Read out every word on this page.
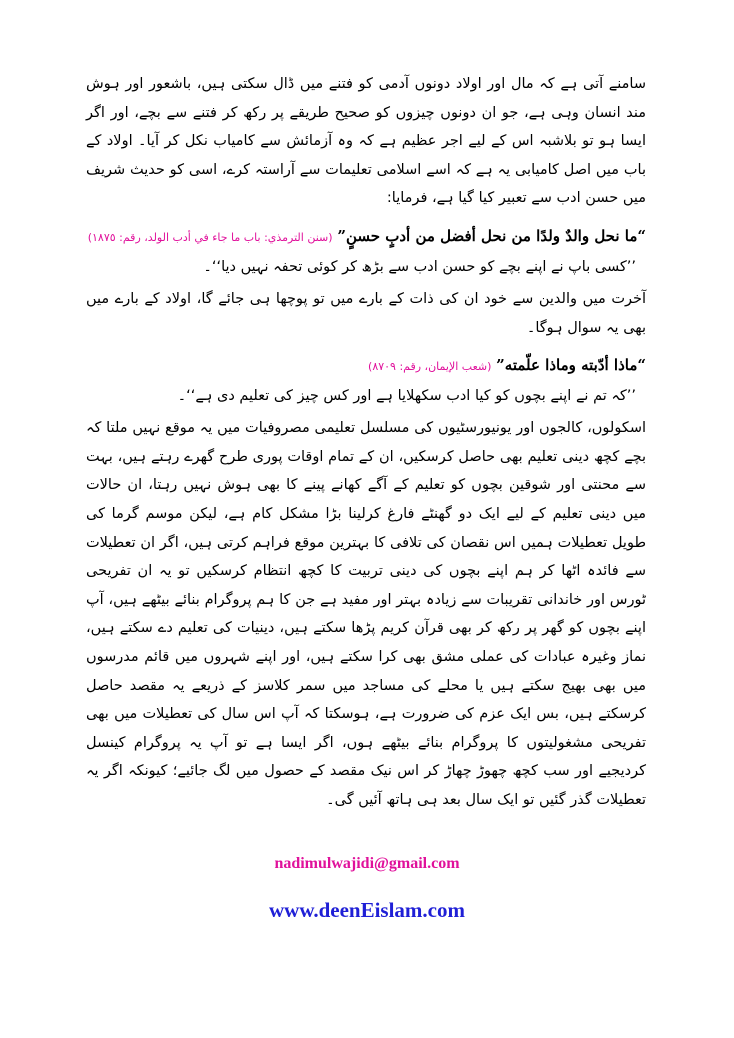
سامنے آتی ہے کہ مال اور اولاد دونوں آدمی کو فتنے میں ڈال سکتی ہیں، باشعور اور ہوش مند انسان وہی ہے، جو ان دونوں چیزوں کو صحیح طریقے پر رکھ کر فتنے سے بچے، اور اگر ایسا ہو تو بلاشبہ اس کے لیے اجر عظیم ہے کہ وہ آزمائش سے کامیاب نکل کر آیا۔ اولاد کے باب میں اصل کامیابی یہ ہے کہ اسے اسلامی تعلیمات سے آراستہ کرے، اسی کو حدیث شریف میں حسن ادب سے تعبیر کیا گیا ہے، فرمایا:

“ما نحل والدٌ ولدًا من نحل أفضل من أدبٍ حسنٍ” (سنن الترمذي: باب ما جاء في أدب الولد، رقم: ١٨٧٥)

’’کسی باپ نے اپنے بچے کو حسن ادب سے بڑھ کر کوئی تحفہ نہیں دیا‘‘۔

آخرت میں والدین سے خود ان کی ذات کے بارے میں تو پوچھا ہی جائے گا، اولاد کے بارے میں بھی یہ سوال ہوگا۔

“ماذا أدّبته وماذا علّمته” (شعب الإيمان، رقم: ٨٧٠٩)

’’کہ تم نے اپنے بچوں کو کیا ادب سکھلایا ہے اور کس چیز کی تعلیم دی ہے‘‘۔

اسکولوں، کالجوں اور یونیورسٹیوں کی مسلسل تعلیمی مصروفیات میں یہ موقع نہیں ملتا کہ بچے کچھ دینی تعلیم بھی حاصل کرسکیں، ان کے تمام اوقات پوری طرح گھرے رہتے ہیں، بہت سے محنتی اور شوقین بچوں کو تعلیم کے آگے کھانے پینے کا بھی ہوش نہیں رہتا، ان حالات میں دینی تعلیم کے لیے ایک دو گھنٹے فارغ کرلینا بڑا مشکل کام ہے، لیکن موسم گرما کی طویل تعطیلات ہمیں اس نقصان کی تلافی کا بہترین موقع فراہم کرتی ہیں، اگر ان تعطیلات سے فائدہ اٹھا کر ہم اپنے بچوں کی دینی تربیت کا کچھ انتظام کرسکیں تو یہ ان تفریحی ٹورس اور خاندانی تقریبات سے زیادہ بہتر اور مفید ہے جن کا ہم پروگرام بنائے بیٹھے ہیں، آپ اپنے بچوں کو گھر پر رکھ کر بھی قرآن کریم پڑھا سکتے ہیں، دینیات کی تعلیم دے سکتے ہیں، نماز وغیرہ عبادات کی عملی مشق بھی کرا سکتے ہیں، اور اپنے شہروں میں قائم مدرسوں میں بھی بھیج سکتے ہیں یا محلے کی مساجد میں سمر کلاسز کے ذریعے یہ مقصد حاصل کرسکتے ہیں، بس ایک عزم کی ضرورت ہے، ہوسکتا کہ آپ اس سال کی تعطیلات میں بھی تفریحی مشغولیتوں کا پروگرام بنائے بیٹھے ہوں، اگر ایسا ہے تو آپ یہ پروگرام کینسل کردیجیے اور سب کچھ چھوڑ چھاڑ کر اس نیک مقصد کے حصول میں لگ جائیے؛ کیونکہ اگر یہ تعطیلات گذر گئیں تو ایک سال بعد ہی ہاتھ آئیں گی۔

nadimulwajidi@gmail.com
www.deenEislam.com
